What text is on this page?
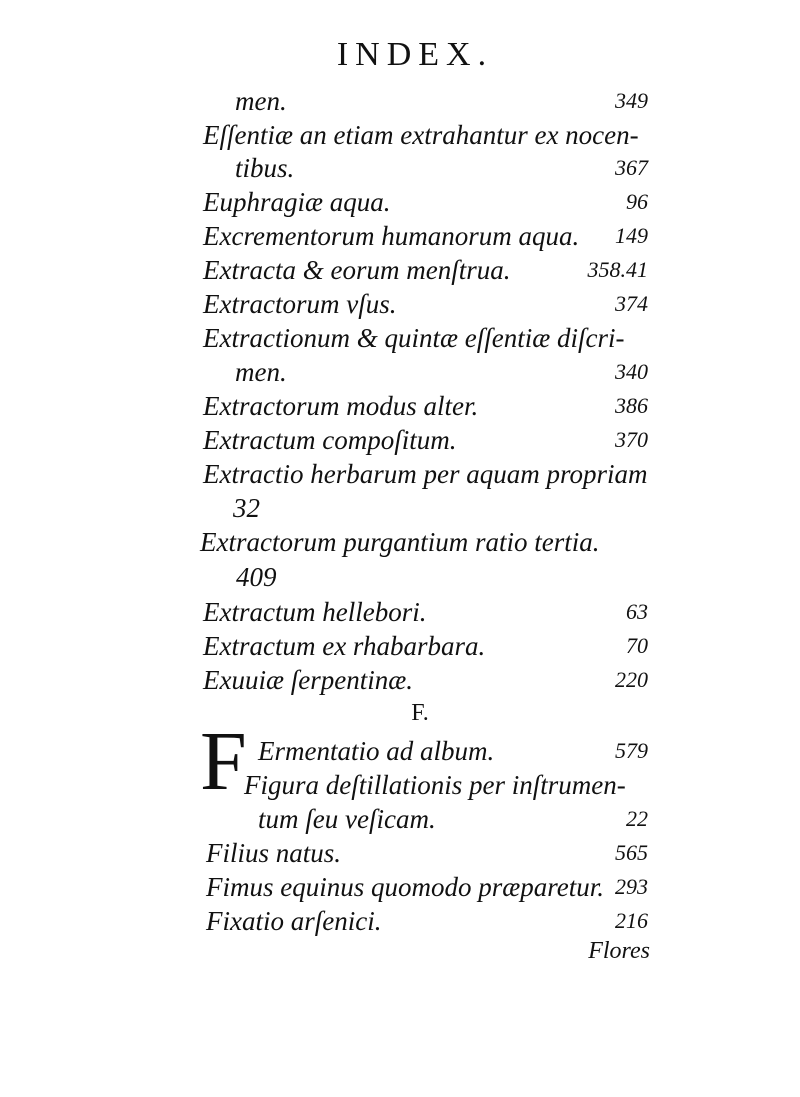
INDEX.
men.	349
Eſſentiæ an etiam extrahantur ex nocen-
tibus.	367
Euphragiæ aqua.	96
Excrementorum humanorum aqua. 149
Extracta & eorum menſtrua.	358.41
Extractorum vſus.	374
Extractionum & quintæ eſſentiæ diſcri-
men.	340
Extractorum modus alter.	386
Extractum compoſitum.	370
Extractio herbarum per aquam propriam
32
Extractorum purgantium ratio tertia.
409
Extractum hellebori.	63
Extractum ex rhabarbara.	70
Exuuiæ ſerpentinæ.	220
Ermentatio ad album.	579
Figura deſtillationis per inſtrumen-
tum ſeu veſicam.	22
Filius natus.	565
Fimus equinus quomodo præparetur. 293
Fixatio arſenici.	216
F.
F
Flores
